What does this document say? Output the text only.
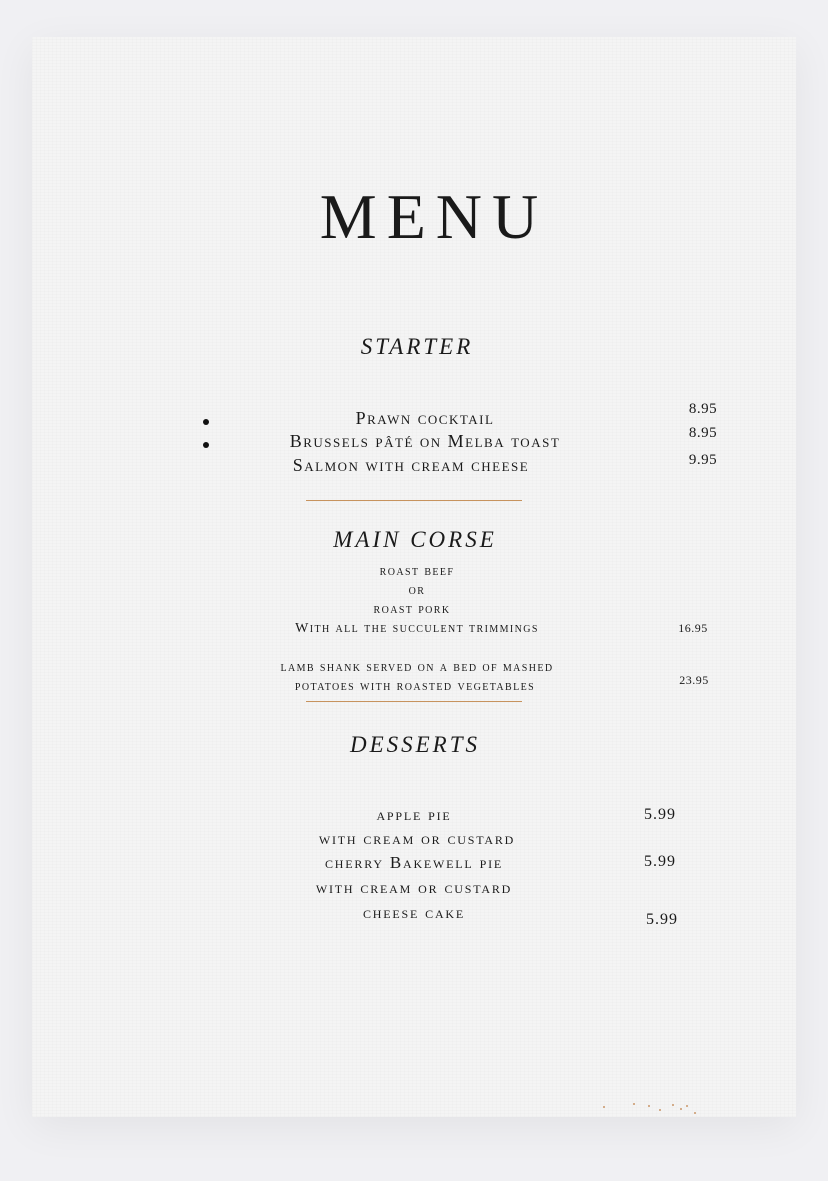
MENU
STARTER
Prawn cocktail
Brussels pâté on Melba toast
Salmon with cream cheese
8.95
8.95
9.95
MAIN CORSE
roast beef
or
roast pork
With all the succulent trimmings	16.95
lamb shank served on a bed of mashed
potatoes with roasted vegetables	23.95
DESSERTS
apple pie
with cream or custard
cherry Bakewell pie
with cream or custard
cheese cake
5.99
5.99
5.99
